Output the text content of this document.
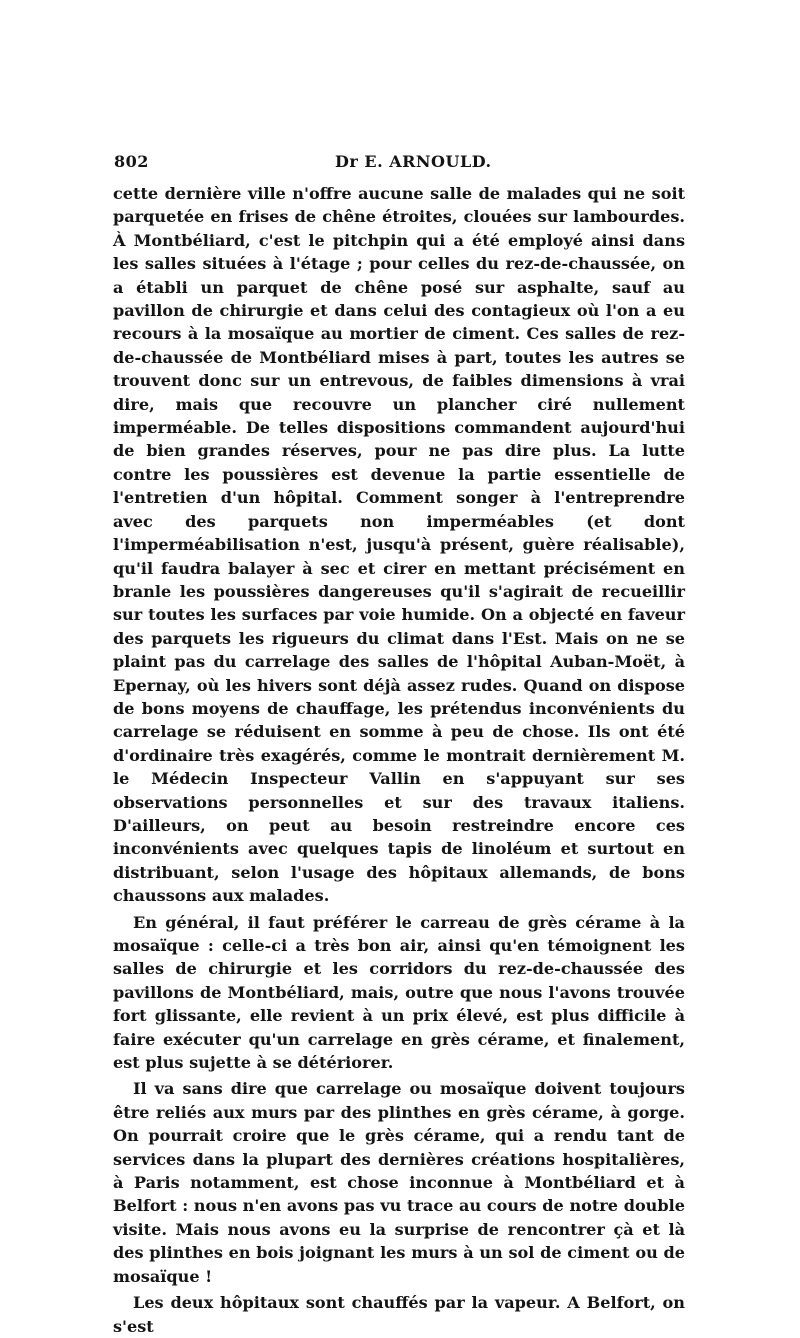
802	Dr E. ARNOULD.

cette dernière ville n'offre aucune salle de malades qui ne soit parquetée en frises de chêne étroites, clouées sur lambourdes. À Montbéliard, c'est le pitchpin qui a été employé ainsi dans les salles situées à l'étage ; pour celles du rez-de-chaussée, on a établi un parquet de chêne posé sur asphalte, sauf au pavillon de chirurgie et dans celui des contagieux où l'on a eu recours à la mosaïque au mortier de ciment. Ces salles de rez-de-chaussée de Montbéliard mises à part, toutes les autres se trouvent donc sur un entrevous, de faibles dimensions à vrai dire, mais que recouvre un plancher ciré nullement imperméable. De telles dispositions commandent aujourd'hui de bien grandes réserves, pour ne pas dire plus. La lutte contre les poussières est devenue la partie essentielle de l'entretien d'un hôpital. Comment songer à l'entreprendre avec des parquets non imperméables (et dont l'imperméabilisation n'est, jusqu'à présent, guère réalisable), qu'il faudra balayer à sec et cirer en mettant précisément en branle les poussières dangereuses qu'il s'agirait de recueillir sur toutes les surfaces par voie humide. On a objecté en faveur des parquets les rigueurs du climat dans l'Est. Mais on ne se plaint pas du carrelage des salles de l'hôpital Auban-Moët, à Epernay, où les hivers sont déjà assez rudes. Quand on dispose de bons moyens de chauffage, les prétendus inconvénients du carrelage se réduisent en somme à peu de chose. Ils ont été d'ordinaire très exagérés, comme le montrait dernièrement M. le Médecin Inspecteur Vallin en s'appuyant sur ses observations personnelles et sur des travaux italiens. D'ailleurs, on peut au besoin restreindre encore ces inconvénients avec quelques tapis de linoléum et surtout en distribuant, selon l'usage des hôpitaux allemands, de bons chaussons aux malades.

En général, il faut préférer le carreau de grès cérame à la mosaïque : celle-ci a très bon air, ainsi qu'en témoignent les salles de chirurgie et les corridors du rez-de-chaussée des pavillons de Montbéliard, mais, outre que nous l'avons trouvée fort glissante, elle revient à un prix élevé, est plus difficile à faire exécuter qu'un carrelage en grès cérame, et finalement, est plus sujette à se détériorer.

Il va sans dire que carrelage ou mosaïque doivent toujours être reliés aux murs par des plinthes en grès cérame, à gorge. On pourrait croire que le grès cérame, qui a rendu tant de services dans la plupart des dernières créations hospitalières, à Paris notamment, est chose inconnue à Montbéliard et à Belfort : nous n'en avons pas vu trace au cours de notre double visite. Mais nous avons eu la surprise de rencontrer çà et là des plinthes en bois joignant les murs à un sol de ciment ou de mosaïque !

Les deux hôpitaux sont chauffés par la vapeur. A Belfort, on s'est
